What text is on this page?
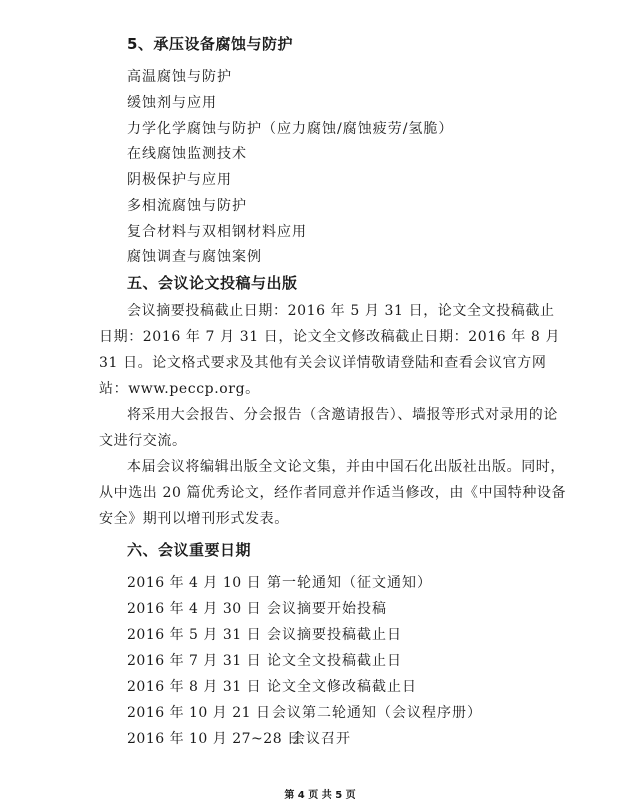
5、承压设备腐蚀与防护
高温腐蚀与防护
缓蚀剂与应用
力学化学腐蚀与防护（应力腐蚀/腐蚀疲劳/氢脆）
在线腐蚀监测技术
阴极保护与应用
多相流腐蚀与防护
复合材料与双相钢材料应用
腐蚀调查与腐蚀案例
五、会议论文投稿与出版

会议摘要投稿截止日期：2016 年 5 月 31 日，论文全文投稿截止日期：2016 年 7 月 31 日，论文全文修改稿截止日期：2016 年 8 月 31 日。论文格式要求及其他有关会议详情敬请登陆和查看会议官方网站：www.peccp.org。

将采用大会报告、分会报告（含邀请报告）、墙报等形式对录用的论文进行交流。

本届会议将编辑出版全文论文集，并由中国石化出版社出版。同时，从中选出 20 篇优秀论文，经作者同意并作适当修改，由《中国特种设备安全》期刊以增刊形式发表。

六、会议重要日期
2016 年 4 月 10 日 第一轮通知（征文通知）
2016 年 4 月 30 日 会议摘要开始投稿
2016 年 5 月 31 日 会议摘要投稿截止日
2016 年 7 月 31 日 论文全文投稿截止日
2016 年 8 月 31 日 论文全文修改稿截止日
2016 年 10 月 21 日会议第二轮通知（会议程序册）
2016 年 10 月 27~28 日会议召开
第 4 页 共 5 页
